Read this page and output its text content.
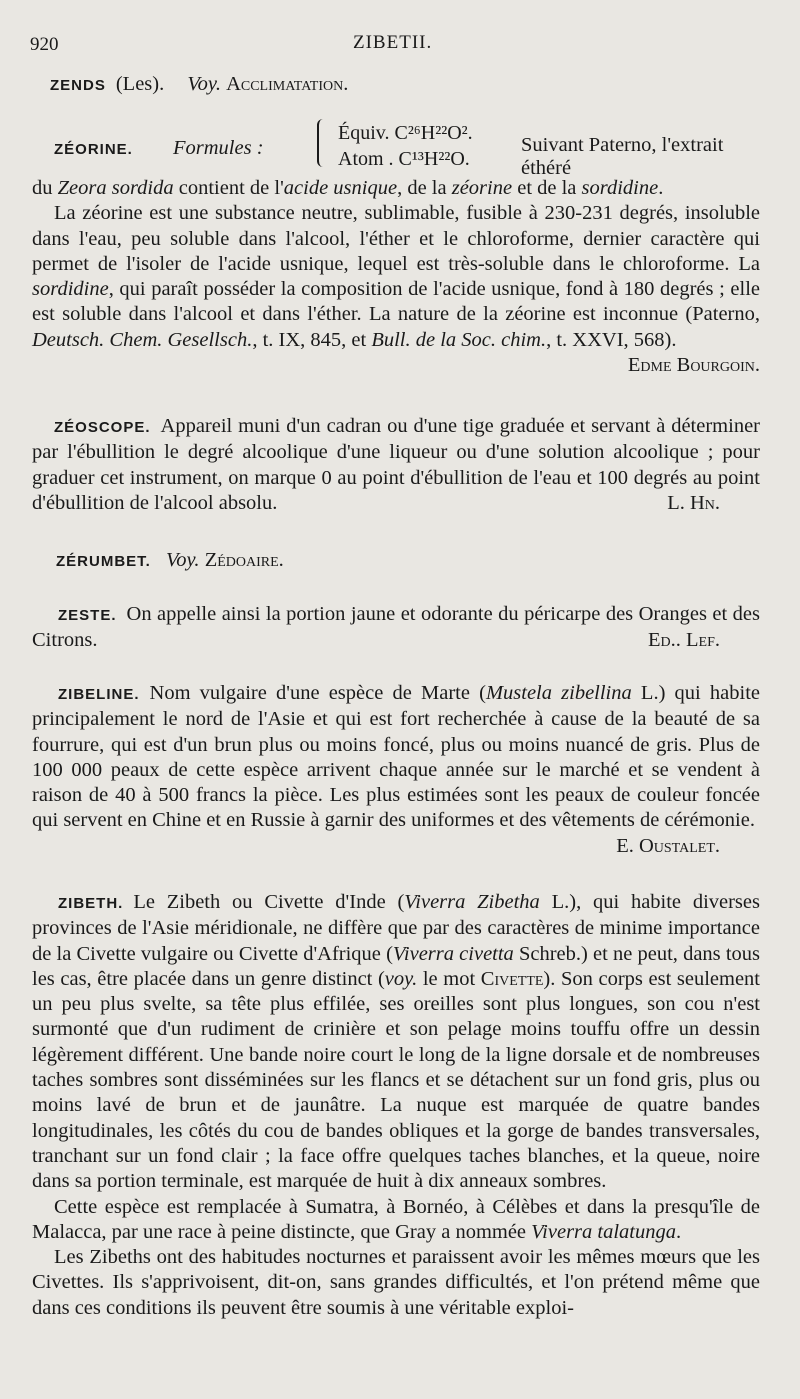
920	ZIBETII.

ZENDS (Les). Voy. Acclimatation.

ZÉORINE. Formules :
Équiv. C²⁶H²²O².
Atom . C¹³H²²O.
Suivant Paterno, l'extrait éthéré

du Zeora sordida contient de l'acide usnique, de la zéorine et de la sordidine.

La zéorine est une substance neutre, sublimable, fusible à 230-231 degrés, insoluble dans l'eau, peu soluble dans l'alcool, l'éther et le chloroforme, dernier caractère qui permet de l'isoler de l'acide usnique, lequel est très-soluble dans le chloroforme. La sordidine, qui paraît posséder la composition de l'acide usnique, fond à 180 degrés ; elle est soluble dans l'alcool et dans l'éther. La nature de la zéorine est inconnue (Paterno, Deutsch. Chem. Gesellsch., t. IX, 845, et Bull. de la Soc. chim., t. XXVI, 568).
Edme Bourgoin.

ZÉOSCOPE. Appareil muni d'un cadran ou d'une tige graduée et servant à déterminer par l'ébullition le degré alcoolique d'une liqueur ou d'une solution alcoolique ; pour graduer cet instrument, on marque 0 au point d'ébullition de l'eau et 100 degrés au point d'ébullition de l'alcool absolu.	L. Hn.

ZÉRUMBET. Voy. Zédoaire.

ZESTE. On appelle ainsi la portion jaune et odorante du péricarpe des Oranges et des Citrons.	Ed.. Lef.

ZIBELINE. Nom vulgaire d'une espèce de Marte (Mustela zibellina L.) qui habite principalement le nord de l'Asie et qui est fort recherchée à cause de la beauté de sa fourrure, qui est d'un brun plus ou moins foncé, plus ou moins nuancé de gris. Plus de 100 000 peaux de cette espèce arrivent chaque année sur le marché et se vendent à raison de 40 à 500 francs la pièce. Les plus estimées sont les peaux de couleur foncée qui servent en Chine et en Russie à garnir des uniformes et des vêtements de cérémonie.
E. Oustalet.

ZIBETH. Le Zibeth ou Civette d'Inde (Viverra Zibetha L.), qui habite diverses provinces de l'Asie méridionale, ne diffère que par des caractères de minime importance de la Civette vulgaire ou Civette d'Afrique (Viverra civetta Schreb.) et ne peut, dans tous les cas, être placée dans un genre distinct (voy. le mot Civette). Son corps est seulement un peu plus svelte, sa tête plus effilée, ses oreilles sont plus longues, son cou n'est surmonté que d'un rudiment de crinière et son pelage moins touffu offre un dessin légèrement différent. Une bande noire court le long de la ligne dorsale et de nombreuses taches sombres sont disséminées sur les flancs et se détachent sur un fond gris, plus ou moins lavé de brun et de jaunâtre. La nuque est marquée de quatre bandes longitudinales, les côtés du cou de bandes obliques et la gorge de bandes transversales, tranchant sur un fond clair ; la face offre quelques taches blanches, et la queue, noire dans sa portion terminale, est marquée de huit à dix anneaux sombres.

Cette espèce est remplacée à Sumatra, à Bornéo, à Célèbes et dans la presqu'île de Malacca, par une race à peine distincte, que Gray a nommée Viverra talatunga.

Les Zibeths ont des habitudes nocturnes et paraissent avoir les mêmes mœurs que les Civettes. Ils s'apprivoisent, dit-on, sans grandes difficultés, et l'on prétend même que dans ces conditions ils peuvent être soumis à une véritable exploi-
